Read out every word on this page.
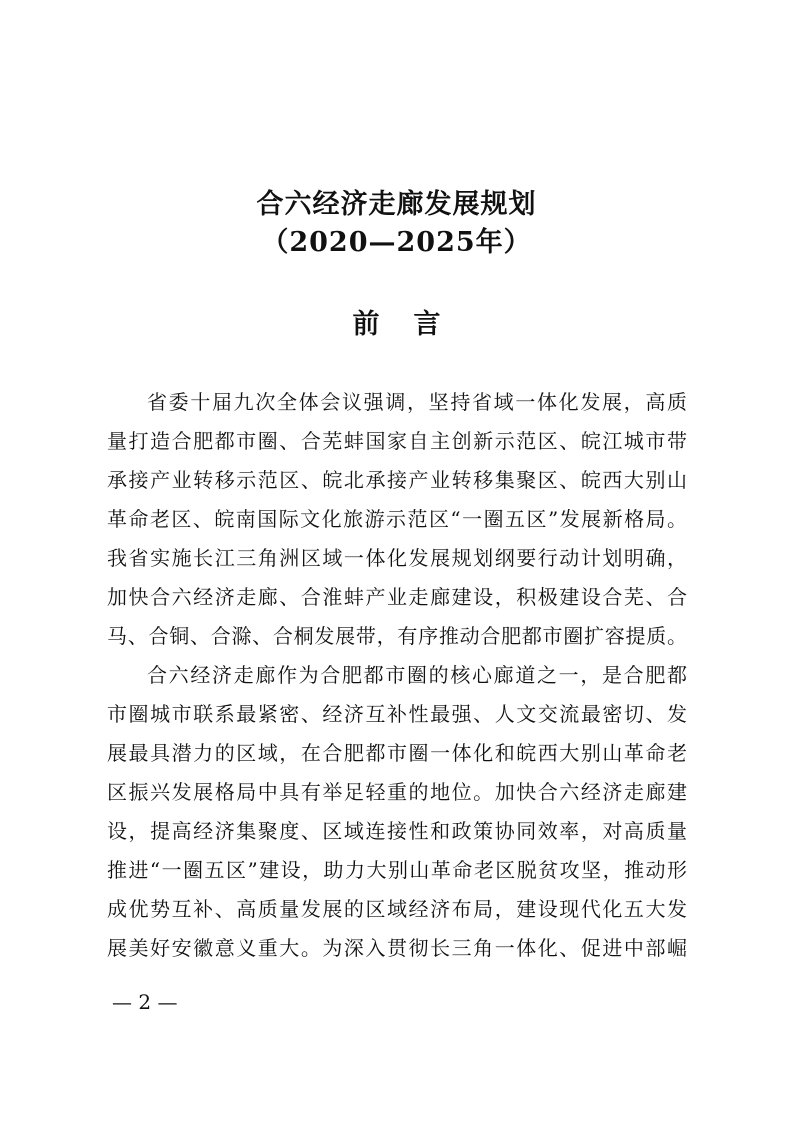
合六经济走廊发展规划
（2020—2025年）
前 言
省委十届九次全体会议强调，坚持省域一体化发展，高质
量打造合肥都市圈、合芜蚌国家自主创新示范区、皖江城市带
承接产业转移示范区、皖北承接产业转移集聚区、皖西大别山
革命老区、皖南国际文化旅游示范区“一圈五区”发展新格局。
我省实施长江三角洲区域一体化发展规划纲要行动计划明确，
加快合六经济走廊、合淮蚌产业走廊建设，积极建设合芜、合
马、合铜、合滁、合桐发展带，有序推动合肥都市圈扩容提质。
合六经济走廊作为合肥都市圈的核心廊道之一，是合肥都
市圈城市联系最紧密、经济互补性最强、人文交流最密切、发
展最具潜力的区域，在合肥都市圈一体化和皖西大别山革命老
区振兴发展格局中具有举足轻重的地位。加快合六经济走廊建
设，提高经济集聚度、区域连接性和政策协同效率，对高质量
推进“一圈五区”建设，助力大别山革命老区脱贫攻坚，推动形
成优势互补、高质量发展的区域经济布局，建设现代化五大发
展美好安徽意义重大。为深入贯彻长三角一体化、促进中部崛
— 2 —
